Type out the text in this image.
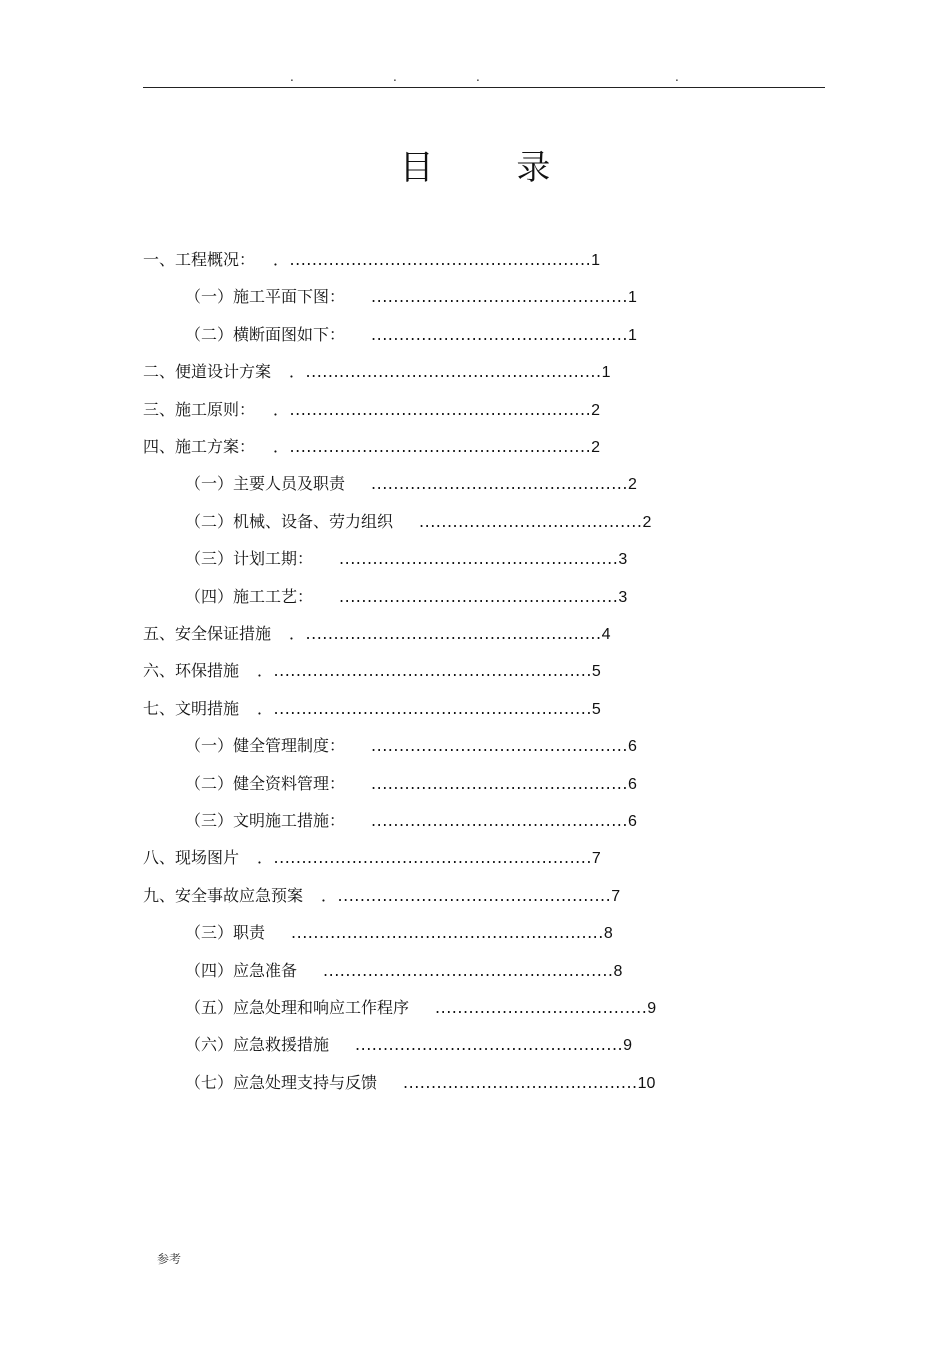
.	.	.	.
目 录
一、工程概况： ．......................................................1
（一）施工平面下图： ..............................................1
（二）横断面图如下： ..............................................1
二、便道设计方案 ．.....................................................1
三、施工原则： ．......................................................2
四、施工方案： ．......................................................2
（一）主要人员及职责 ..............................................2
（二）机械、设备、劳力组织 ........................................2
（三）计划工期： ..................................................3
（四）施工工艺： ..................................................3
五、安全保证措施 ．.....................................................4
六、环保措施 ．.........................................................5
七、文明措施 ．.........................................................5
（一）健全管理制度： ..............................................6
（二）健全资料管理： ..............................................6
（三）文明施工措施： ..............................................6
八、现场图片 ．.........................................................7
九、安全事故应急预案 ．.................................................7
（三）职责 ........................................................8
（四）应急准备 ....................................................8
（五）应急处理和响应工作程序 ......................................9
（六）应急救援措施 ................................................9
（七）应急处理支持与反馈 ..........................................10
参考
